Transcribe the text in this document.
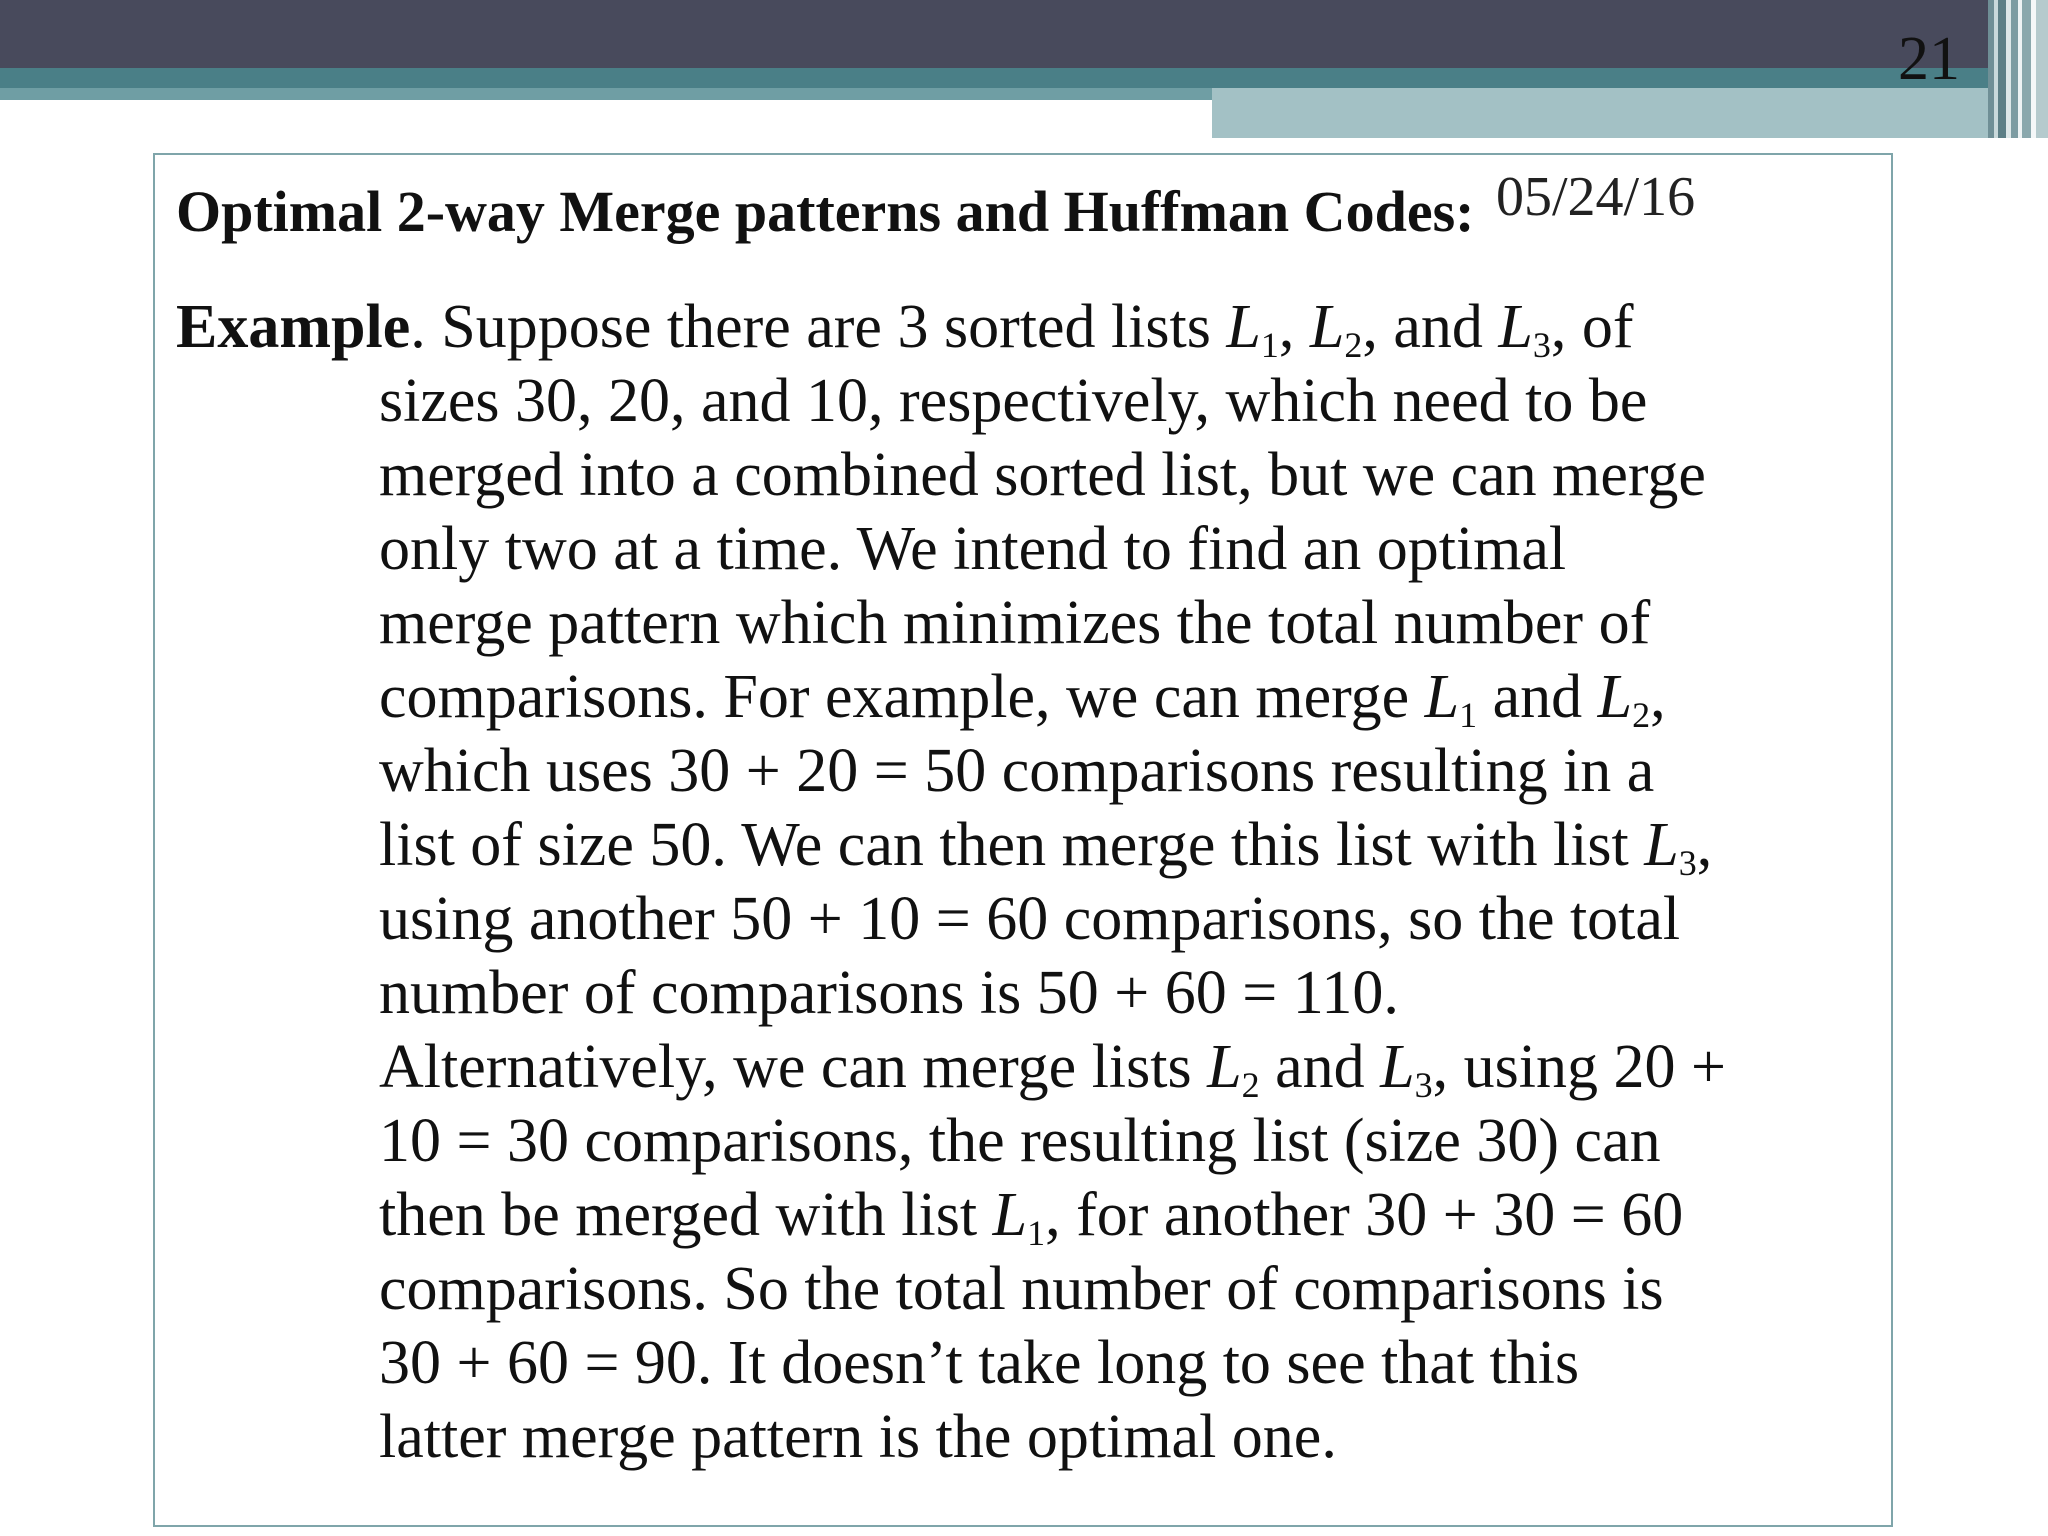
21
Optimal 2-way Merge patterns and Huffman Codes: 05/24/16
Example. Suppose there are 3 sorted lists $L_1$, $L_2$, and $L_3$, of
sizes 30, 20, and 10, respectively, which need to be
merged into a combined sorted list, but we can merge
only two at a time. We intend to find an optimal
merge pattern which minimizes the total number of
comparisons. For example, we can merge $L_1$ and $L_2$,
which uses 30 + 20 = 50 comparisons resulting in a
list of size 50. We can then merge this list with list $L_3$,
using another 50 + 10 = 60 comparisons, so the total
number of comparisons is 50 + 60 = 110.
Alternatively, we can merge lists $L_2$ and $L_3$, using 20 +
10 = 30 comparisons, the resulting list (size 30) can
then be merged with list $L_1$, for another 30 + 30 = 60
comparisons. So the total number of comparisons is
30 + 60 = 90. It doesn’t take long to see that this
latter merge pattern is the optimal one.
